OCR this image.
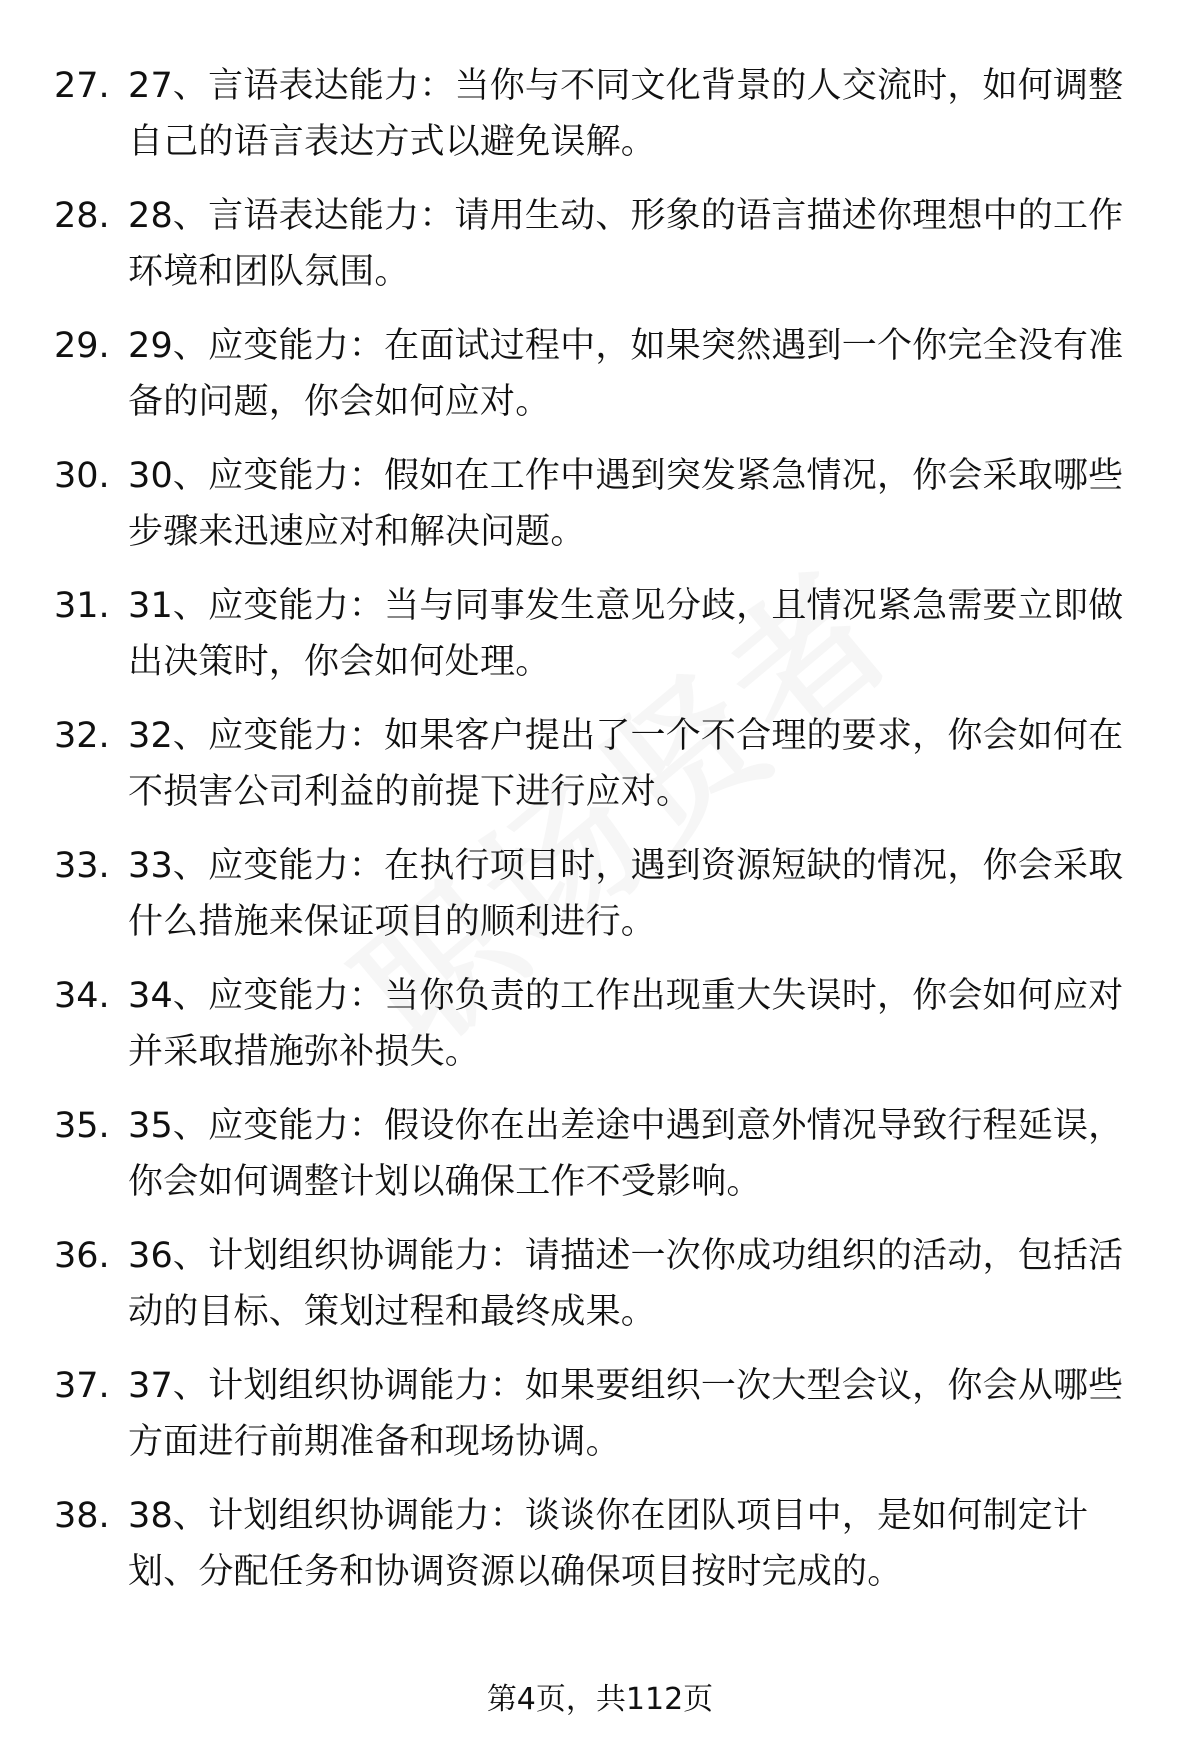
27. 27、言语表达能力：当你与不同文化背景的人交流时，如何调整自己的语言表达方式以避免误解。
28. 28、言语表达能力：请用生动、形象的语言描述你理想中的工作环境和团队氛围。
29. 29、应变能力：在面试过程中，如果突然遇到一个你完全没有准备的问题，你会如何应对。
30. 30、应变能力：假如在工作中遇到突发紧急情况，你会采取哪些步骤来迅速应对和解决问题。
31. 31、应变能力：当与同事发生意见分歧，且情况紧急需要立即做出决策时，你会如何处理。
32. 32、应变能力：如果客户提出了一个不合理的要求，你会如何在不损害公司利益的前提下进行应对。
33. 33、应变能力：在执行项目时，遇到资源短缺的情况，你会采取什么措施来保证项目的顺利进行。
34. 34、应变能力：当你负责的工作出现重大失误时，你会如何应对并采取措施弥补损失。
35. 35、应变能力：假设你在出差途中遇到意外情况导致行程延误，你会如何调整计划以确保工作不受影响。
36. 36、计划组织协调能力：请描述一次你成功组织的活动，包括活动的目标、策划过程和最终成果。
37. 37、计划组织协调能力：如果要组织一次大型会议，你会从哪些方面进行前期准备和现场协调。
38. 38、计划组织协调能力：谈谈你在团队项目中，是如何制定计划、分配任务和协调资源以确保项目按时完成的。
第4页，共112页
